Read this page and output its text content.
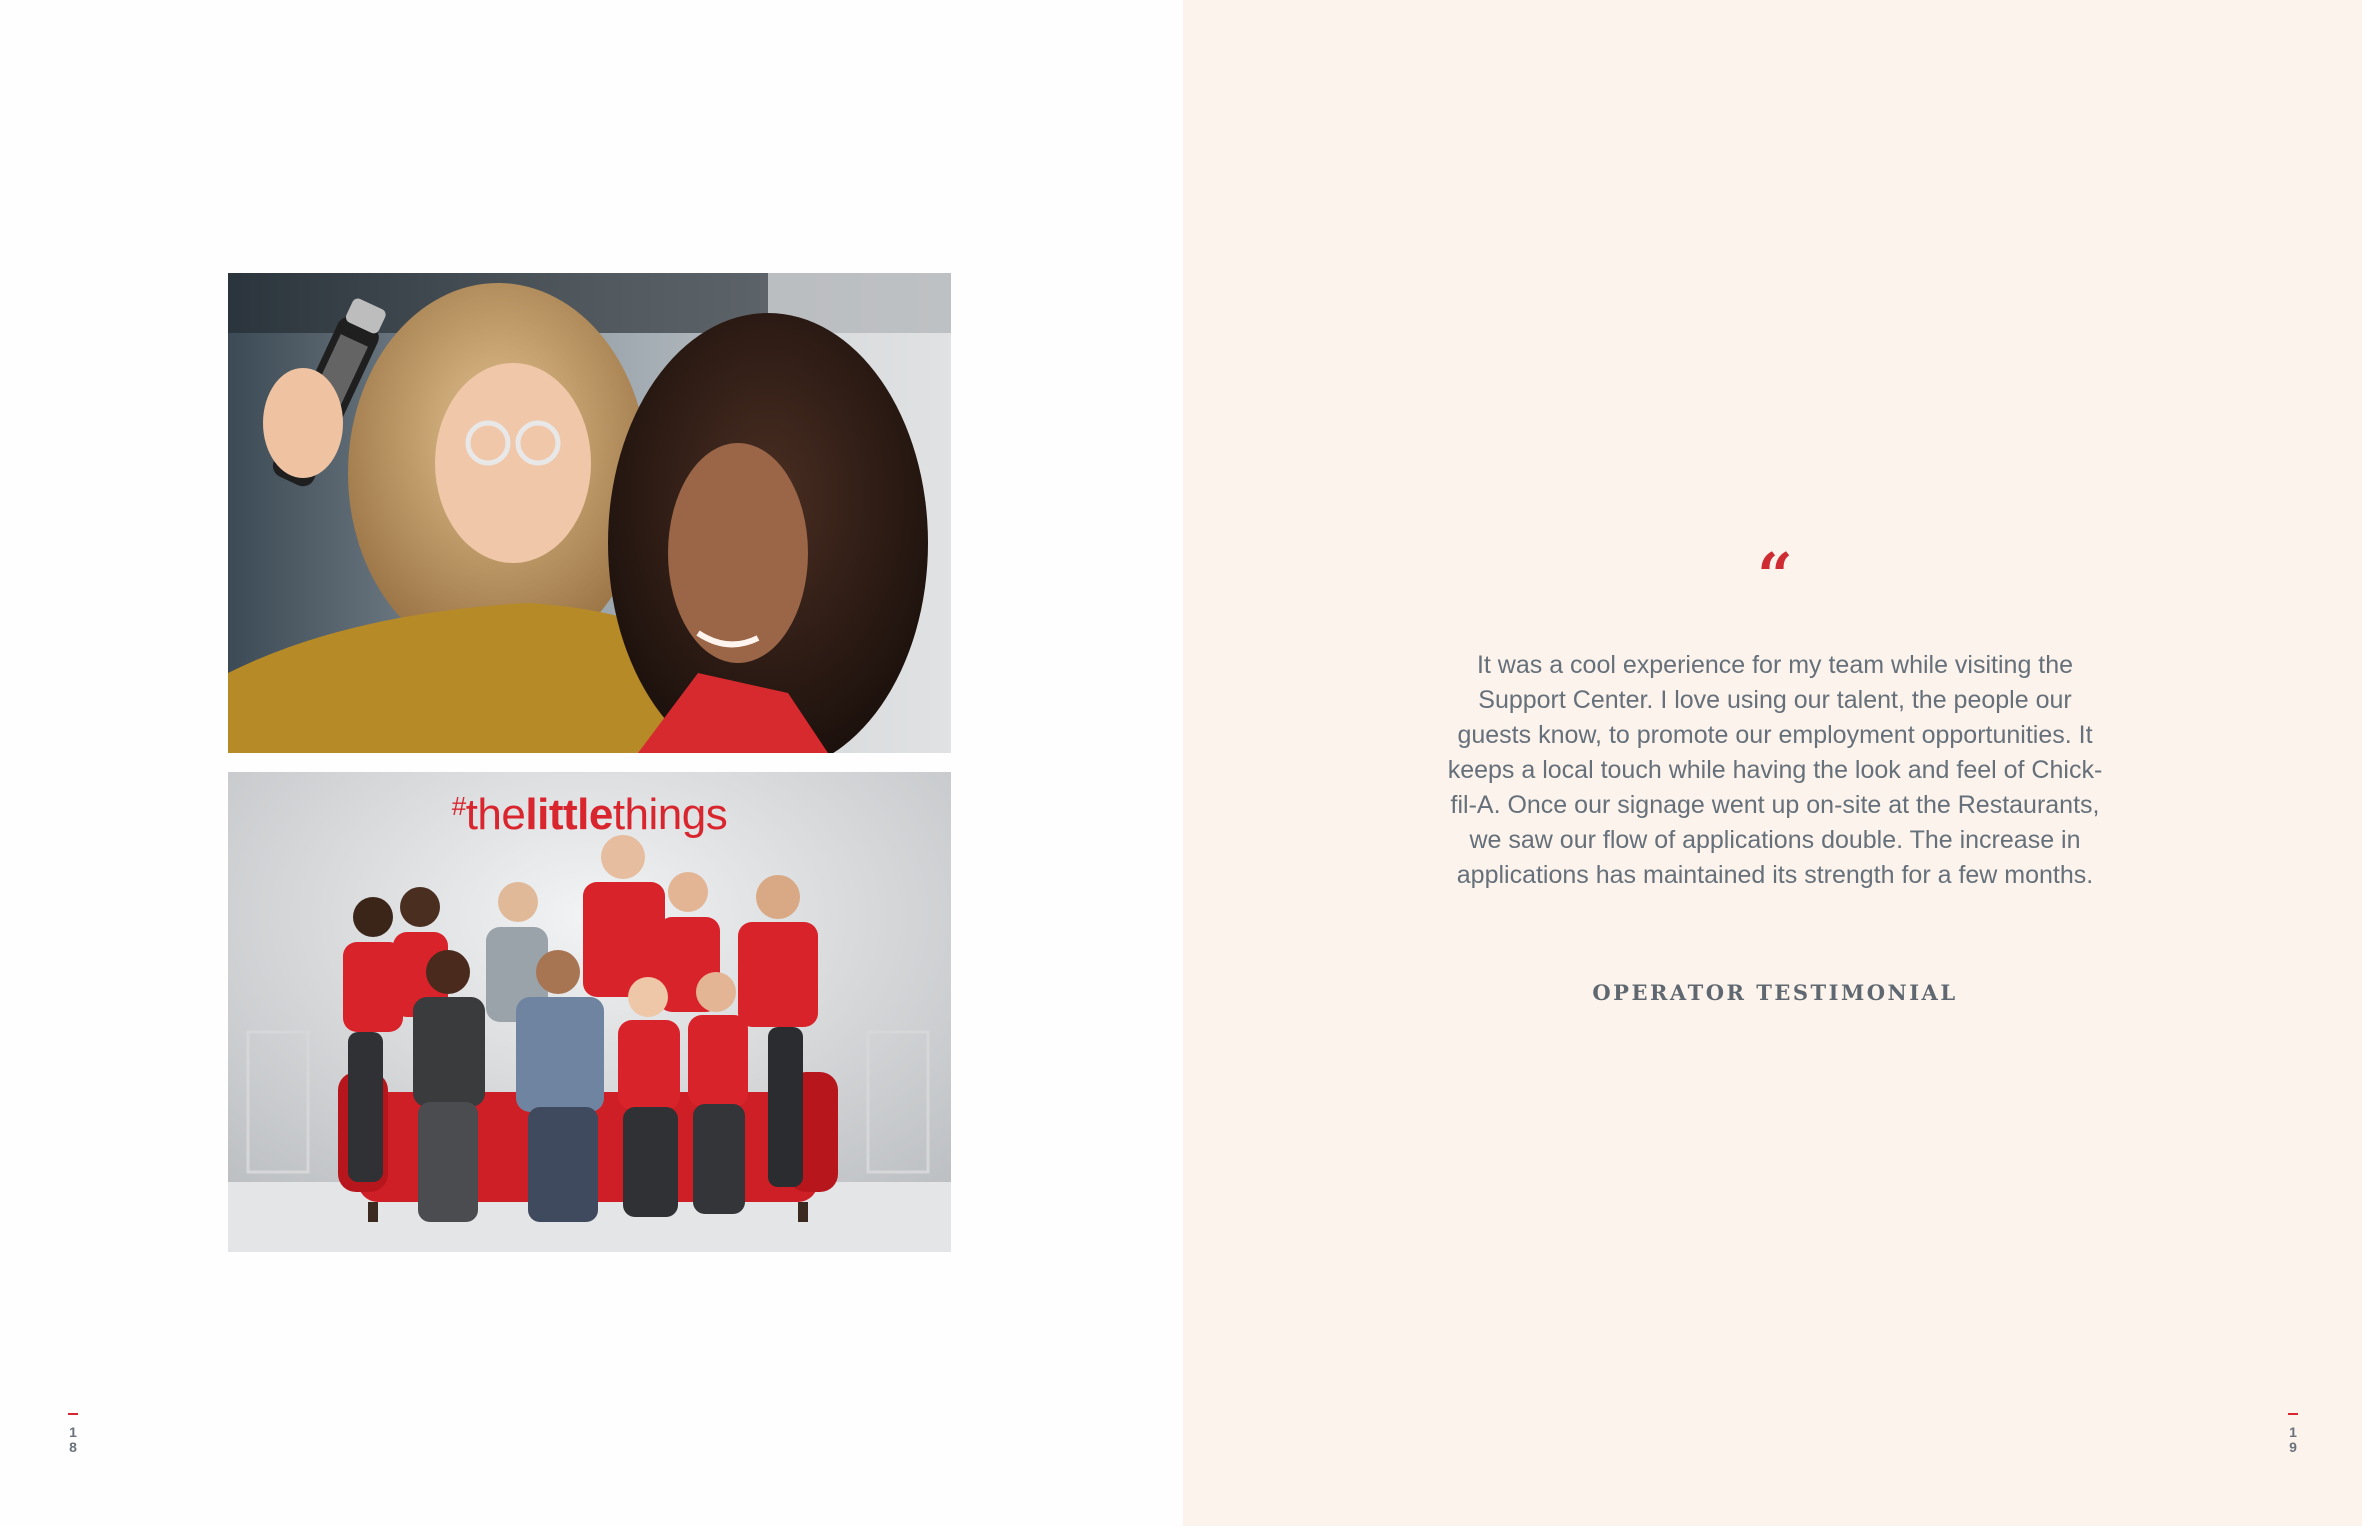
#thelittlethings
“
It was a cool experience for my team while visiting the Support Center. I love using our talent, the people our guests know, to promote our employment opportunities. It keeps a local touch while having the look and feel of Chick-fil-A. Once our signage went up on-site at the Restaurants, we saw our flow of applications double. The increase in applications has maintained its strength for a few months.
OPERATOR TESTIMONIAL
1
8
1
9
